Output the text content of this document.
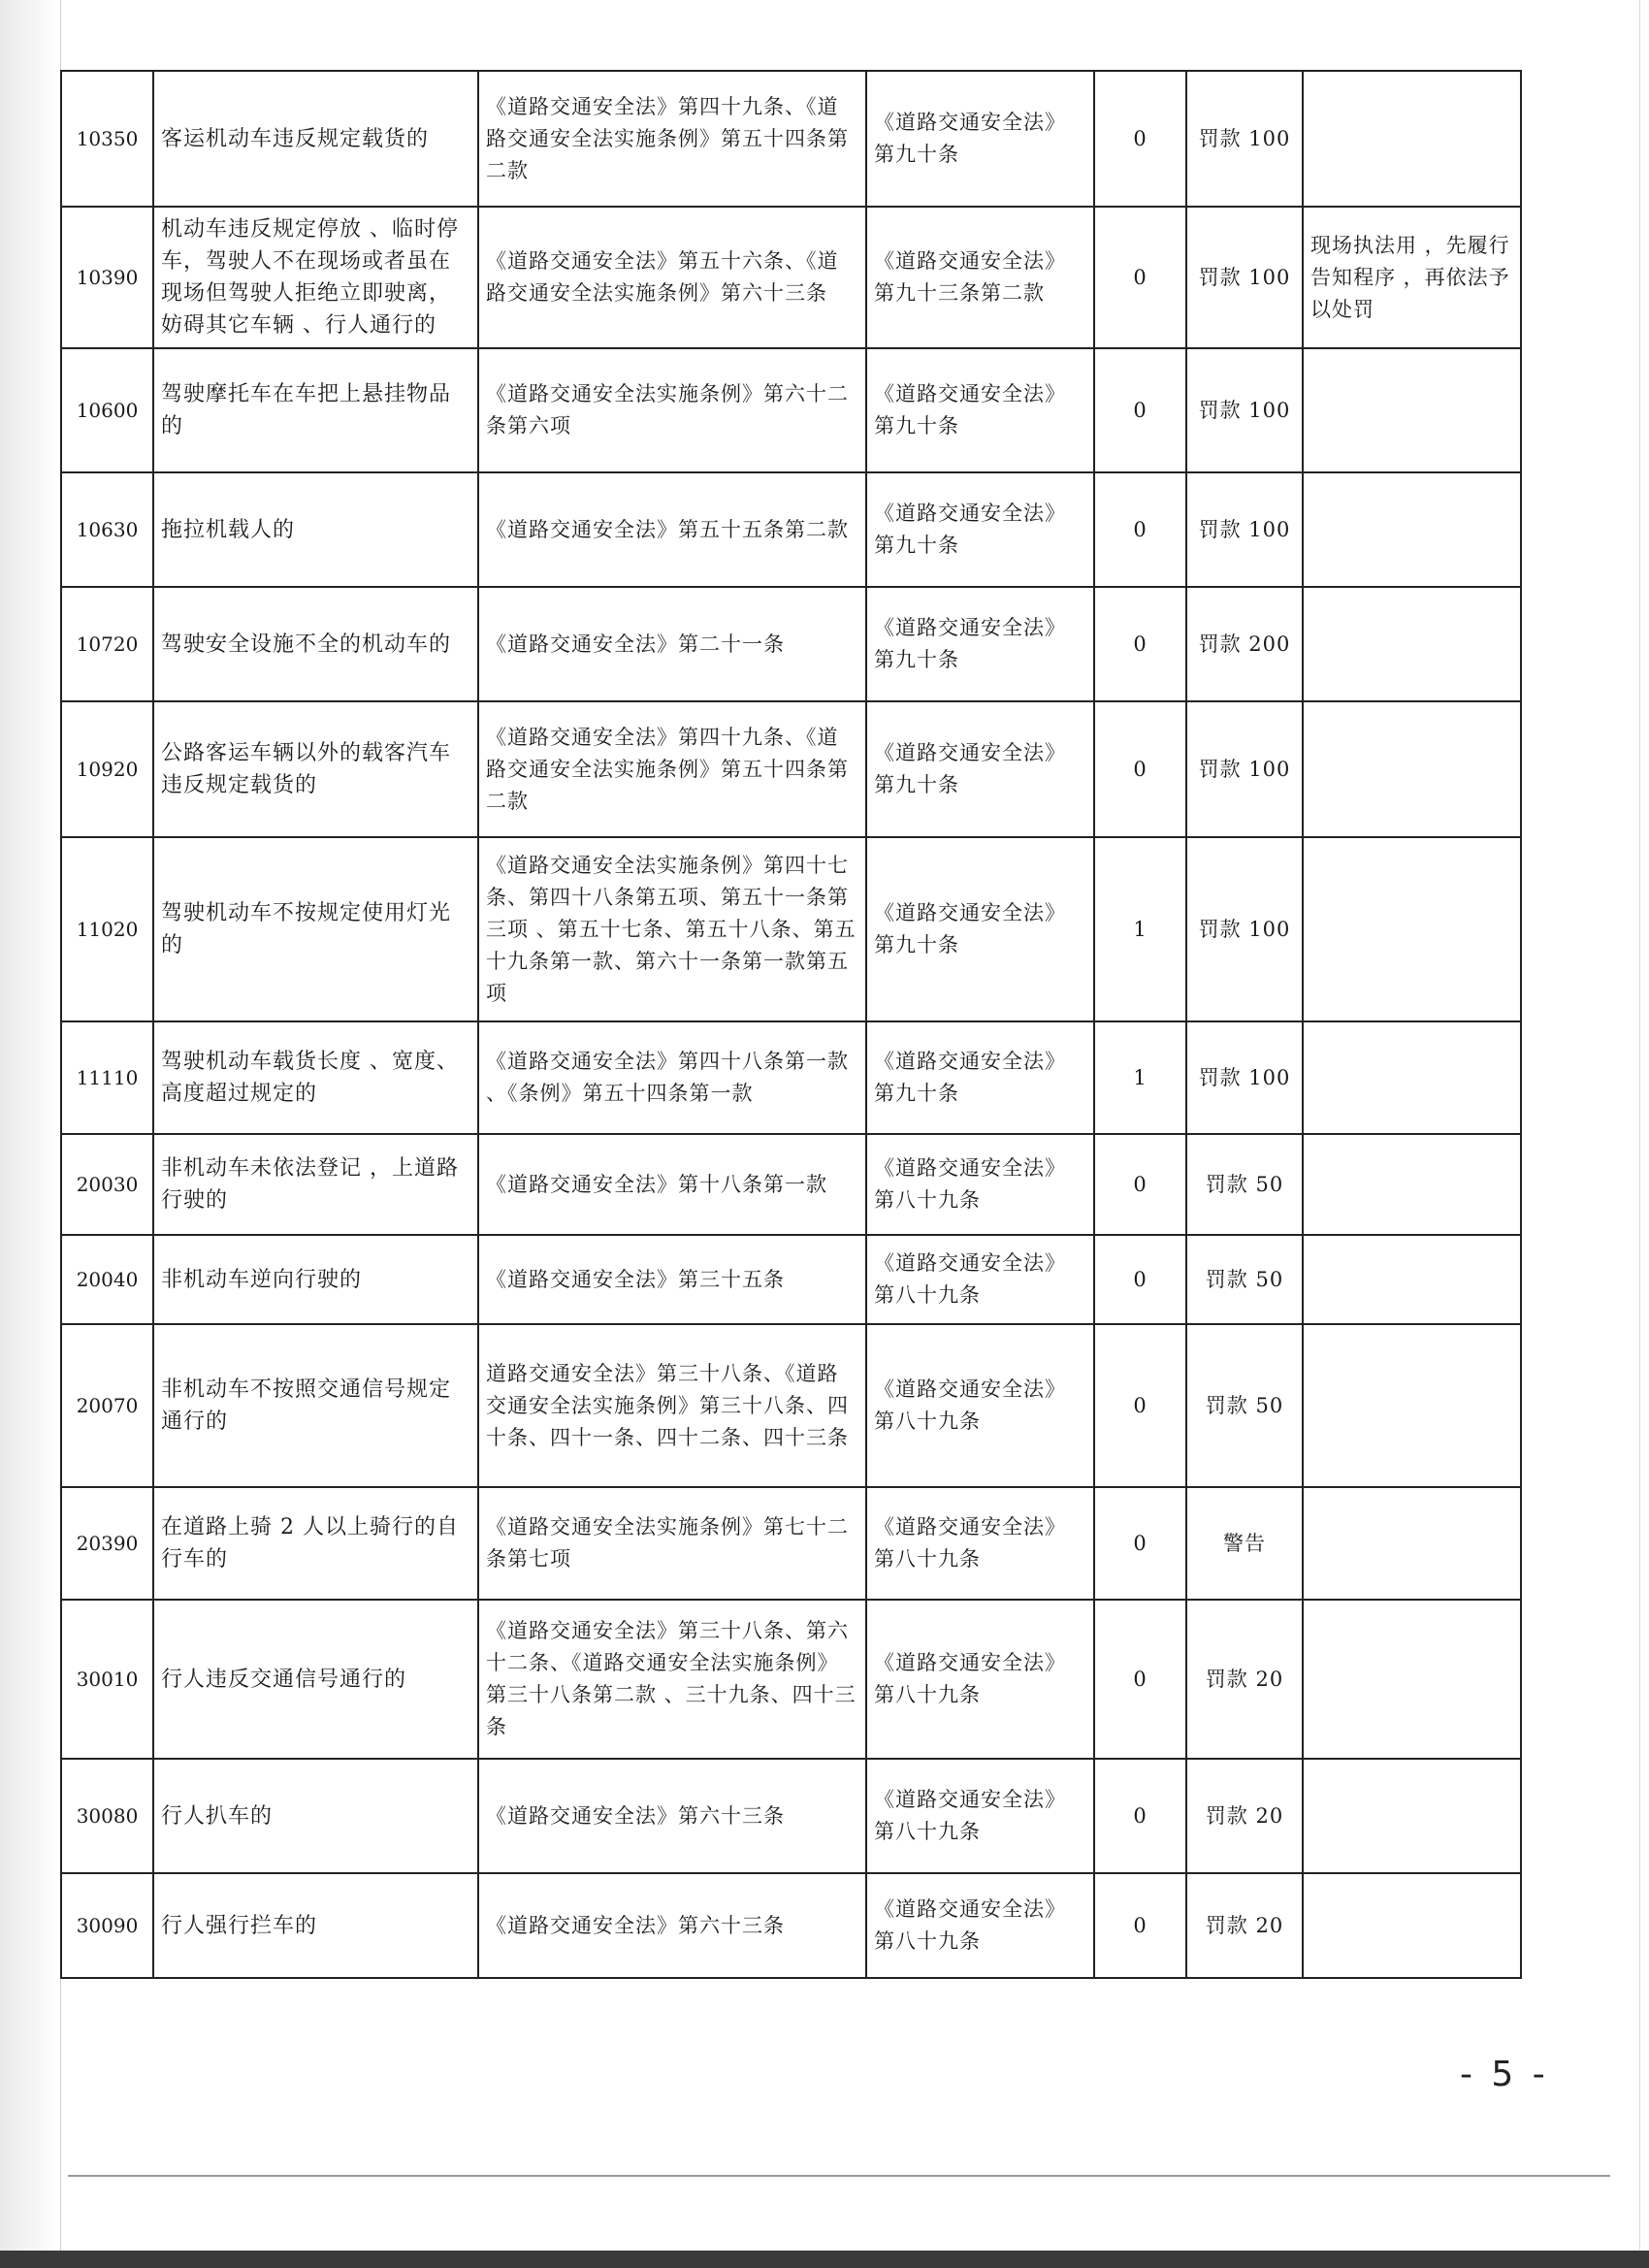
10350	客运机动车违反规定载货的	《道路交通安全法》第四十九条、《道路交通安全法实施条例》第五十四条第二款	《道路交通安全法》第九十条	0	罚款 100	
10390	机动车违反规定停放 、临时停车，驾驶人不在现场或者虽在现场但驾驶人拒绝立即驶离，妨碍其它车辆 、行人通行的	《道路交通安全法》第五十六条、《道路交通安全法实施条例》第六十三条	《道路交通安全法》第九十三条第二款	0	罚款 100	现场执法用 ，先履行告知程序 ，再依法予以处罚
10600	驾驶摩托车在车把上悬挂物品的	《道路交通安全法实施条例》第六十二条第六项	《道路交通安全法》第九十条	0	罚款 100	
10630	拖拉机载人的	《道路交通安全法》第五十五条第二款	《道路交通安全法》第九十条	0	罚款 100	
10720	驾驶安全设施不全的机动车的	《道路交通安全法》第二十一条	《道路交通安全法》第九十条	0	罚款 200	
10920	公路客运车辆以外的载客汽车违反规定载货的	《道路交通安全法》第四十九条、《道路交通安全法实施条例》第五十四条第二款	《道路交通安全法》第九十条	0	罚款 100	
11020	驾驶机动车不按规定使用灯光的	《道路交通安全法实施条例》第四十七条、第四十八条第五项、第五十一条第三项 、第五十七条、第五十八条、第五十九条第一款、第六十一条第一款第五项	《道路交通安全法》第九十条	1	罚款 100	
11110	驾驶机动车载货长度 、宽度、高度超过规定的	《道路交通安全法》第四十八条第一款 、《条例》第五十四条第一款	《道路交通安全法》第九十条	1	罚款 100	
20030	非机动车未依法登记 ，上道路行驶的	《道路交通安全法》第十八条第一款	《道路交通安全法》第八十九条	0	罚款 50	
20040	非机动车逆向行驶的	《道路交通安全法》第三十五条	《道路交通安全法》第八十九条	0	罚款 50	
20070	非机动车不按照交通信号规定通行的	道路交通安全法》第三十八条、《道路交通安全法实施条例》第三十八条、四十条、四十一条、四十二条、四十三条	《道路交通安全法》第八十九条	0	罚款 50	
20390	在道路上骑 2 人以上骑行的自行车的	《道路交通安全法实施条例》第七十二条第七项	《道路交通安全法》第八十九条	0	警告	
30010	行人违反交通信号通行的	《道路交通安全法》第三十八条、第六十二条、《道路交通安全法实施条例》第三十八条第二款 、三十九条、四十三条	《道路交通安全法》第八十九条	0	罚款 20	
30080	行人扒车的	《道路交通安全法》第六十三条	《道路交通安全法》第八十九条	0	罚款 20	
30090	行人强行拦车的	《道路交通安全法》第六十三条	《道路交通安全法》第八十九条	0	罚款 20	
- 5 -
